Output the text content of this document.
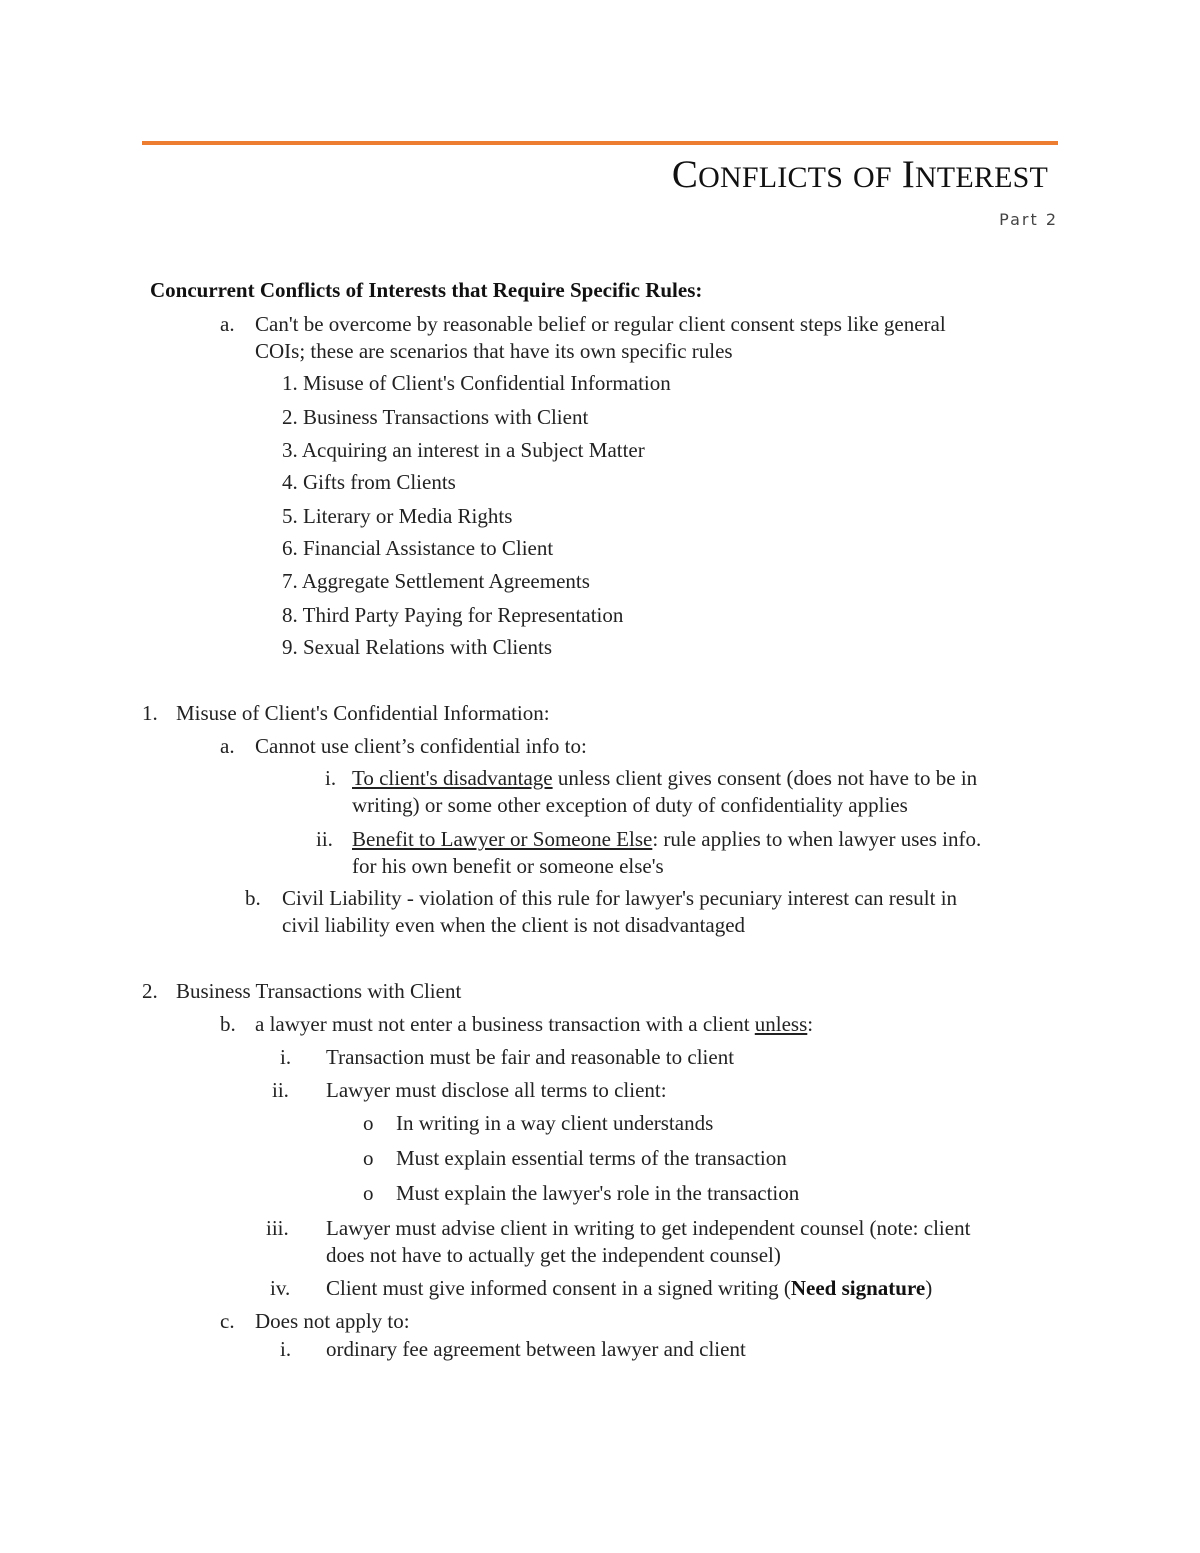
CONFLICTS OF INTEREST
Part 2
Concurrent Conflicts of Interests that Require Specific Rules:
a. Can't be overcome by reasonable belief or regular client consent steps like general
COIs; these are scenarios that have its own specific rules
1. Misuse of Client's Confidential Information
2. Business Transactions with Client
3. Acquiring an interest in a Subject Matter
4. Gifts from Clients
5. Literary or Media Rights
6. Financial Assistance to Client
7. Aggregate Settlement Agreements
8. Third Party Paying for Representation
9. Sexual Relations with Clients
1. Misuse of Client's Confidential Information:
a. Cannot use client’s confidential info to:
i. To client's disadvantage unless client gives consent (does not have to be in
writing) or some other exception of duty of confidentiality applies
ii. Benefit to Lawyer or Someone Else: rule applies to when lawyer uses info.
for his own benefit or someone else's
b. Civil Liability - violation of this rule for lawyer's pecuniary interest can result in
civil liability even when the client is not disadvantaged
2. Business Transactions with Client
b. a lawyer must not enter a business transaction with a client unless:
i. Transaction must be fair and reasonable to client
ii. Lawyer must disclose all terms to client:
o In writing in a way client understands
o Must explain essential terms of the transaction
o Must explain the lawyer's role in the transaction
iii. Lawyer must advise client in writing to get independent counsel (note: client
does not have to actually get the independent counsel)
iv. Client must give informed consent in a signed writing (Need signature)
c. Does not apply to:
i. ordinary fee agreement between lawyer and client
